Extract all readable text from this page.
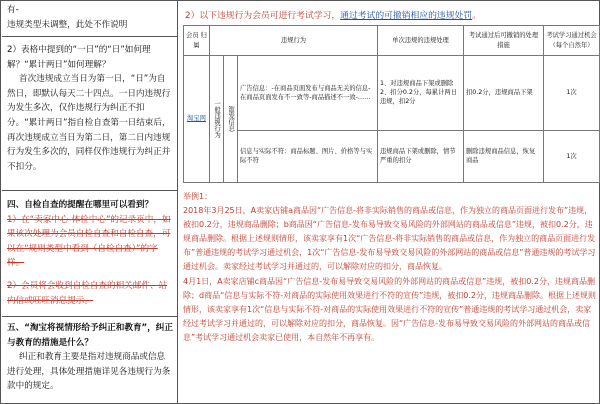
有-

违规类型未调整，此处不作说明

2）表格中提到的“一日”的“日”如何理解？“累计两日”如何理解？

首次违规成立当日为第一日，“日”为自然日，即默认每天二十四点。一日内违规行为发生多次，仅作违规行为纠正不扣分。“累计两日”指自检自查第一日结束后，再次违规成立当日为第二日，第二日内违规行为发生多次的，同样仅作违规行为纠正并不扣分。

四、自检自查的提醒在哪里可以看到？

1）在“卖家中心-体检中心”的记录页中，如果该次处理为会员自检自查和自检自查，可以在“规则类型中看到（自检自查）”的字样。

2）会员将会收到自检自查的相关邮件、站内信或旺旺消息提示。

五、“淘宝将视情形给予纠正和教育”，纠正与教育的措施是什么？

纠正和教育主要是指对违规商品或信息进行处理，具体处理措施详见各违规行为条款中的规定。

2）以下违规行为会员可进行考试学习，通过考试的可撤销相应的违规处罚。
会员 归属	违规行为			单次违规的违规处理	考试通过后可撤销的处理措施	考试学习通过机会（每个自然年）
淘宝网	一般违规行为	滥发信息	广告信息：-在商品页面发布与商品无关的信息-在商品页面发布不一致等-商品描述不一致-……	1、对违规商品下架或删除 2、扣分0.2分，每累计两日违规，扣2分	扣0.2分，违规商品下架	1次
			信息与实际不符：商品标题、图片、价格等与实际不符	违规商品下架或删除，情节严重的扣分	删除违规商品信息，恢复商品	1次
举例1：
2018年3月25日，A卖家店铺a商品因“广告信息-将非实际销售的商品或信息，作为独立的商品页面进行发布”违规，被扣0.2分，违规商品删除；b商品因“广告信息-发布易导致交易风险的外部网站的商品或信息”违规，被扣0.2分，违规商品删除。根据上述规则情形，该卖家享有1次“广告信息-将非实际销售的商品或信息，作为独立的商品页面进行发布”普通违规的考试学习通过机会，1次“广告信息-发布易导致交易风险的外部网站的商品或信息”普通违规的考试学习通过机会。卖家经过考试学习并通过的，可以解除对应的扣分，商品恢复。
4月1日，A卖家店铺c商品因“广告信息-发布易导致交易风险的外部网站的商品或信息”违规，被扣0.2分，违规商品删除；d商品“信息与实际不符-对商品的实际使用效果进行不符的宣传”违规，被扣0.2分，违规商品删除。根据上述规则情形，该卖家享有1次“信息与实际不符-对商品的实际使用效果进行不符的宣传”普通违规的考试学习通过机会，卖家经过考试学习并通过的，可以解除对应的扣分，商品恢复。因“广告信息-发布易导致交易风险的外部网站的商品或信息”考试学习通过机会卖家已使用，本自然年不再享有。
